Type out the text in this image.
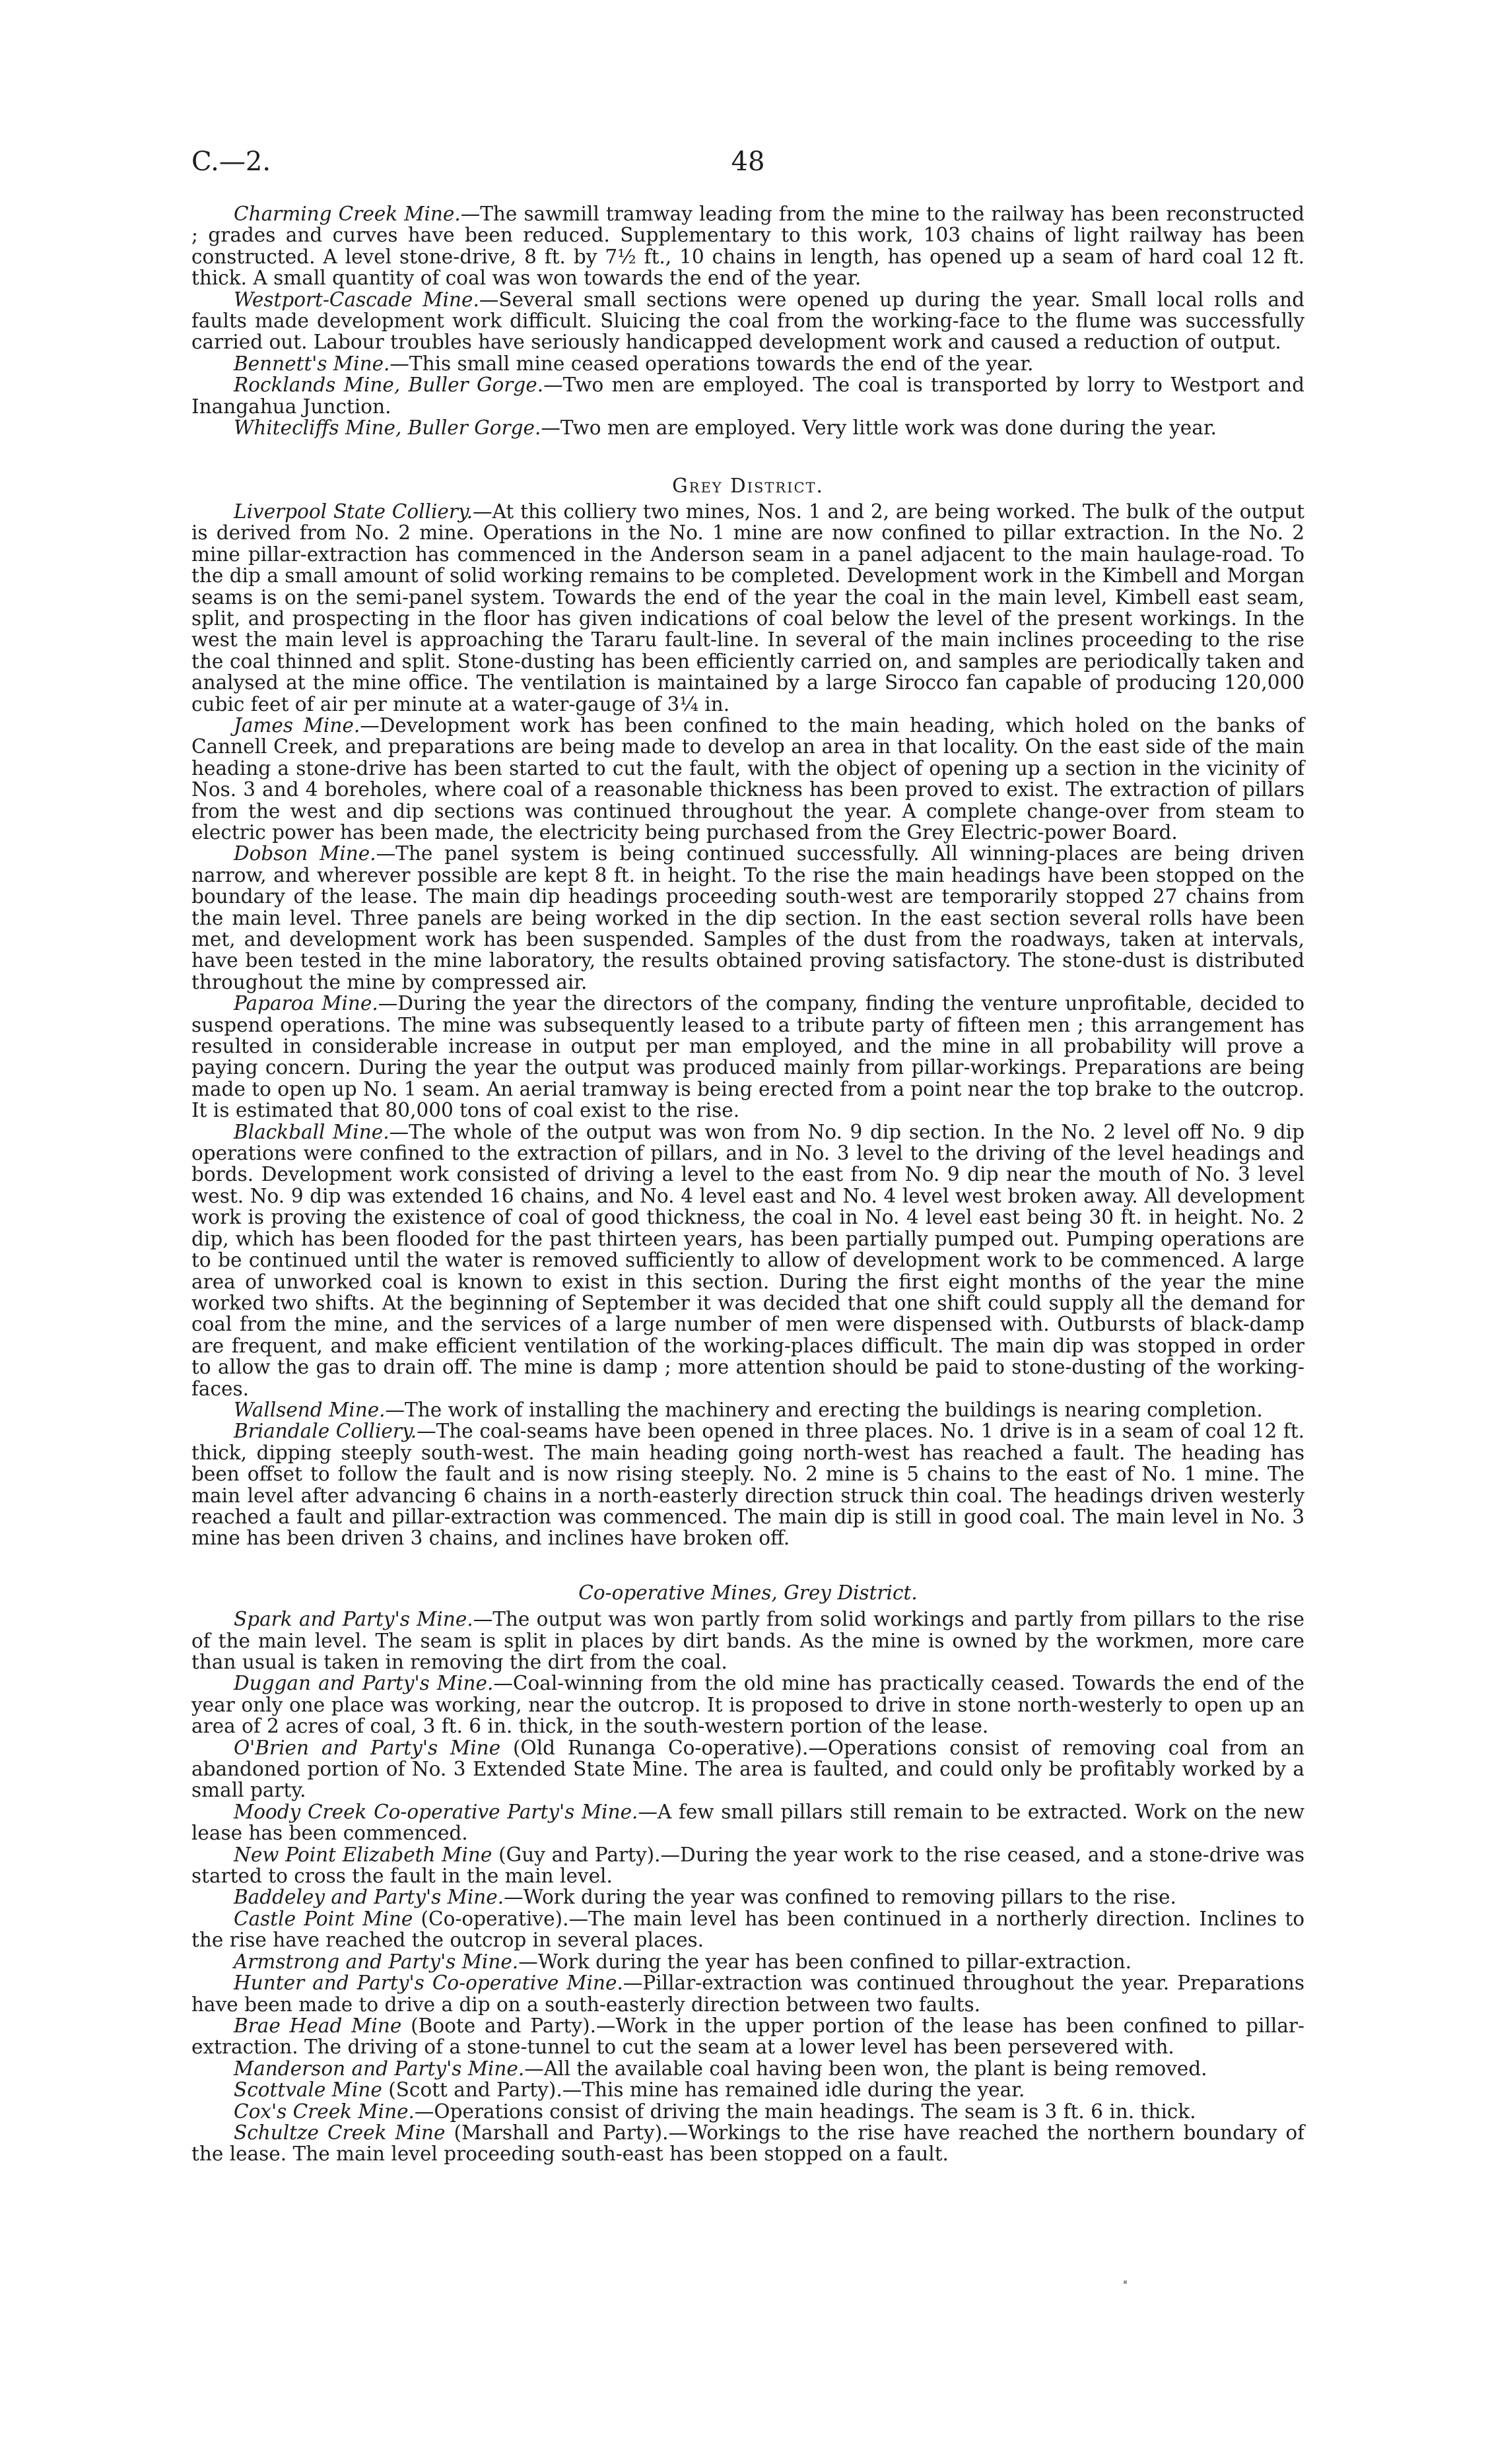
C.—2.	48

Charming Creek Mine.—The sawmill tramway leading from the mine to the railway has been reconstructed ; grades and curves have been reduced. Supplementary to this work, 103 chains of light railway has been constructed. A level stone-drive, 8 ft. by 7½ ft., 10 chains in length, has opened up a seam of hard coal 12 ft. thick. A small quantity of coal was won towards the end of the year.

Westport-Cascade Mine.—Several small sections were opened up during the year. Small local rolls and faults made development work difficult. Sluicing the coal from the working-face to the flume was successfully carried out. Labour troubles have seriously handicapped development work and caused a reduction of output.

Bennett's Mine.—This small mine ceased operations towards the end of the year.

Rocklands Mine, Buller Gorge.—Two men are employed. The coal is transported by lorry to Westport and Inangahua Junction.

Whitecliffs Mine, Buller Gorge.—Two men are employed. Very little work was done during the year.

Grey District.

Liverpool State Colliery.—At this colliery two mines, Nos. 1 and 2, are being worked. The bulk of the output is derived from No. 2 mine. Operations in the No. 1 mine are now confined to pillar extraction. In the No. 2 mine pillar-extraction has commenced in the Anderson seam in a panel adjacent to the main haulage-road. To the dip a small amount of solid working remains to be completed. Development work in the Kimbell and Morgan seams is on the semi-panel system. Towards the end of the year the coal in the main level, Kimbell east seam, split, and prospecting in the floor has given indications of coal below the level of the present workings. In the west the main level is approaching the Tararu fault-line. In several of the main inclines proceeding to the rise the coal thinned and split. Stone-dusting has been efficiently carried on, and samples are periodically taken and analysed at the mine office. The ventilation is maintained by a large Sirocco fan capable of producing 120,000 cubic feet of air per minute at a water-gauge of 3¼ in.

James Mine.—Development work has been confined to the main heading, which holed on the banks of Cannell Creek, and preparations are being made to develop an area in that locality. On the east side of the main heading a stone-drive has been started to cut the fault, with the object of opening up a section in the vicinity of Nos. 3 and 4 boreholes, where coal of a reasonable thickness has been proved to exist. The extraction of pillars from the west and dip sections was continued throughout the year. A complete change-over from steam to electric power has been made, the electricity being purchased from the Grey Electric-power Board.

Dobson Mine.—The panel system is being continued successfully. All winning-places are being driven narrow, and wherever possible are kept 8 ft. in height. To the rise the main headings have been stopped on the boundary of the lease. The main dip headings proceeding south-west are temporarily stopped 27 chains from the main level. Three panels are being worked in the dip section. In the east section several rolls have been met, and development work has been suspended. Samples of the dust from the roadways, taken at intervals, have been tested in the mine laboratory, the results obtained proving satisfactory. The stone-dust is distributed throughout the mine by compressed air.

Paparoa Mine.—During the year the directors of the company, finding the venture unprofitable, decided to suspend operations. The mine was subsequently leased to a tribute party of fifteen men ; this arrangement has resulted in considerable increase in output per man employed, and the mine in all probability will prove a paying concern. During the year the output was produced mainly from pillar-workings. Preparations are being made to open up No. 1 seam. An aerial tramway is being erected from a point near the top brake to the outcrop. It is estimated that 80,000 tons of coal exist to the rise.

Blackball Mine.—The whole of the output was won from No. 9 dip section. In the No. 2 level off No. 9 dip operations were confined to the extraction of pillars, and in No. 3 level to the driving of the level headings and bords. Development work consisted of driving a level to the east from No. 9 dip near the mouth of No. 3 level west. No. 9 dip was extended 16 chains, and No. 4 level east and No. 4 level west broken away. All development work is proving the existence of coal of good thickness, the coal in No. 4 level east being 30 ft. in height. No. 2 dip, which has been flooded for the past thirteen years, has been partially pumped out. Pumping operations are to be continued until the water is removed sufficiently to allow of development work to be commenced. A large area of unworked coal is known to exist in this section. During the first eight months of the year the mine worked two shifts. At the beginning of September it was decided that one shift could supply all the demand for coal from the mine, and the services of a large number of men were dispensed with. Outbursts of black-damp are frequent, and make efficient ventilation of the working-places difficult. The main dip was stopped in order to allow the gas to drain off. The mine is damp ; more attention should be paid to stone-dusting of the working-faces.

Wallsend Mine.—The work of installing the machinery and erecting the buildings is nearing completion.

Briandale Colliery.—The coal-seams have been opened in three places. No. 1 drive is in a seam of coal 12 ft. thick, dipping steeply south-west. The main heading going north-west has reached a fault. The heading has been offset to follow the fault and is now rising steeply. No. 2 mine is 5 chains to the east of No. 1 mine. The main level after advancing 6 chains in a north-easterly direction struck thin coal. The headings driven westerly reached a fault and pillar-extraction was commenced. The main dip is still in good coal. The main level in No. 3 mine has been driven 3 chains, and inclines have broken off.

Co-operative Mines, Grey District.

Spark and Party's Mine.—The output was won partly from solid workings and partly from pillars to the rise of the main level. The seam is split in places by dirt bands. As the mine is owned by the workmen, more care than usual is taken in removing the dirt from the coal.

Duggan and Party's Mine.—Coal-winning from the old mine has practically ceased. Towards the end of the year only one place was working, near the outcrop. It is proposed to drive in stone north-westerly to open up an area of 2 acres of coal, 3 ft. 6 in. thick, in the south-western portion of the lease.

O'Brien and Party's Mine (Old Runanga Co-operative).—Operations consist of removing coal from an abandoned portion of No. 3 Extended State Mine. The area is faulted, and could only be profitably worked by a small party.

Moody Creek Co-operative Party's Mine.—A few small pillars still remain to be extracted. Work on the new lease has been commenced.

New Point Elizabeth Mine (Guy and Party).—During the year work to the rise ceased, and a stone-drive was started to cross the fault in the main level.

Baddeley and Party's Mine.—Work during the year was confined to removing pillars to the rise.

Castle Point Mine (Co-operative).—The main level has been continued in a northerly direction. Inclines to the rise have reached the outcrop in several places.

Armstrong and Party's Mine.—Work during the year has been confined to pillar-extraction.

Hunter and Party's Co-operative Mine.—Pillar-extraction was continued throughout the year. Preparations have been made to drive a dip on a south-easterly direction between two faults.

Brae Head Mine (Boote and Party).—Work in the upper portion of the lease has been confined to pillar-extraction. The driving of a stone-tunnel to cut the seam at a lower level has been persevered with.

Manderson and Party's Mine.—All the available coal having been won, the plant is being removed.

Scottvale Mine (Scott and Party).—This mine has remained idle during the year.

Cox's Creek Mine.—Operations consist of driving the main headings. The seam is 3 ft. 6 in. thick.

Schultze Creek Mine (Marshall and Party).—Workings to the rise have reached the northern boundary of the lease. The main level proceeding south-east has been stopped on a fault.
